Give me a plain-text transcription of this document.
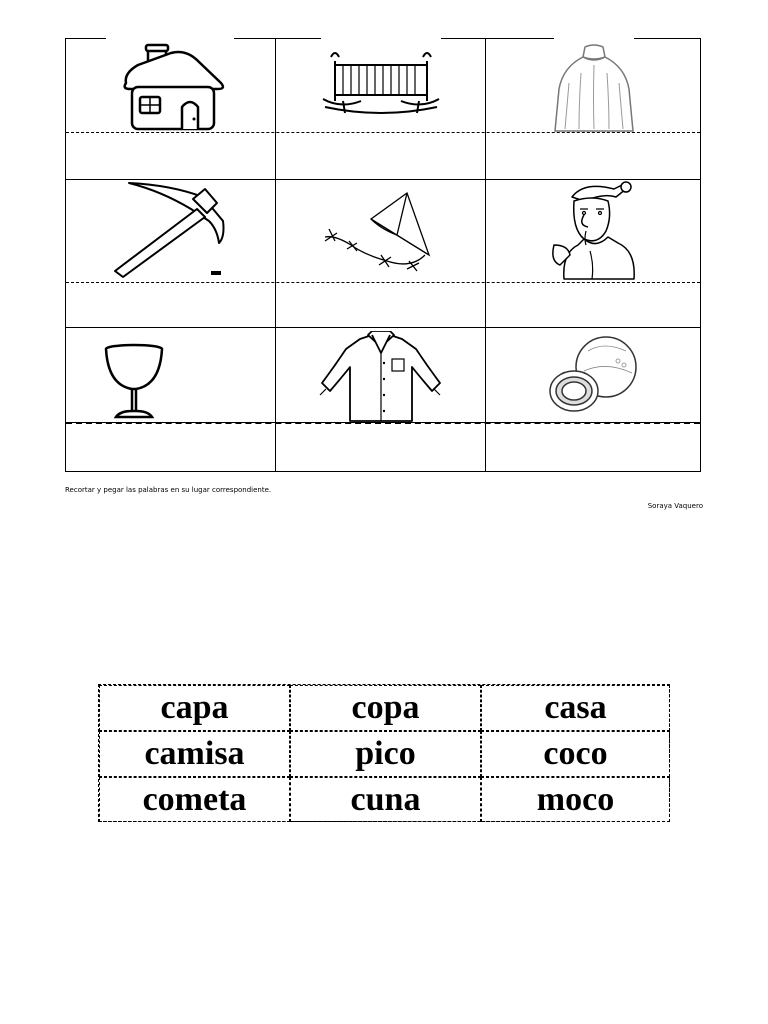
Recortar y pegar las palabras en su lugar correspondiente.
Soraya Vaquero
capa	copa	casa
camisa	pico	coco
cometa	cuna	moco
